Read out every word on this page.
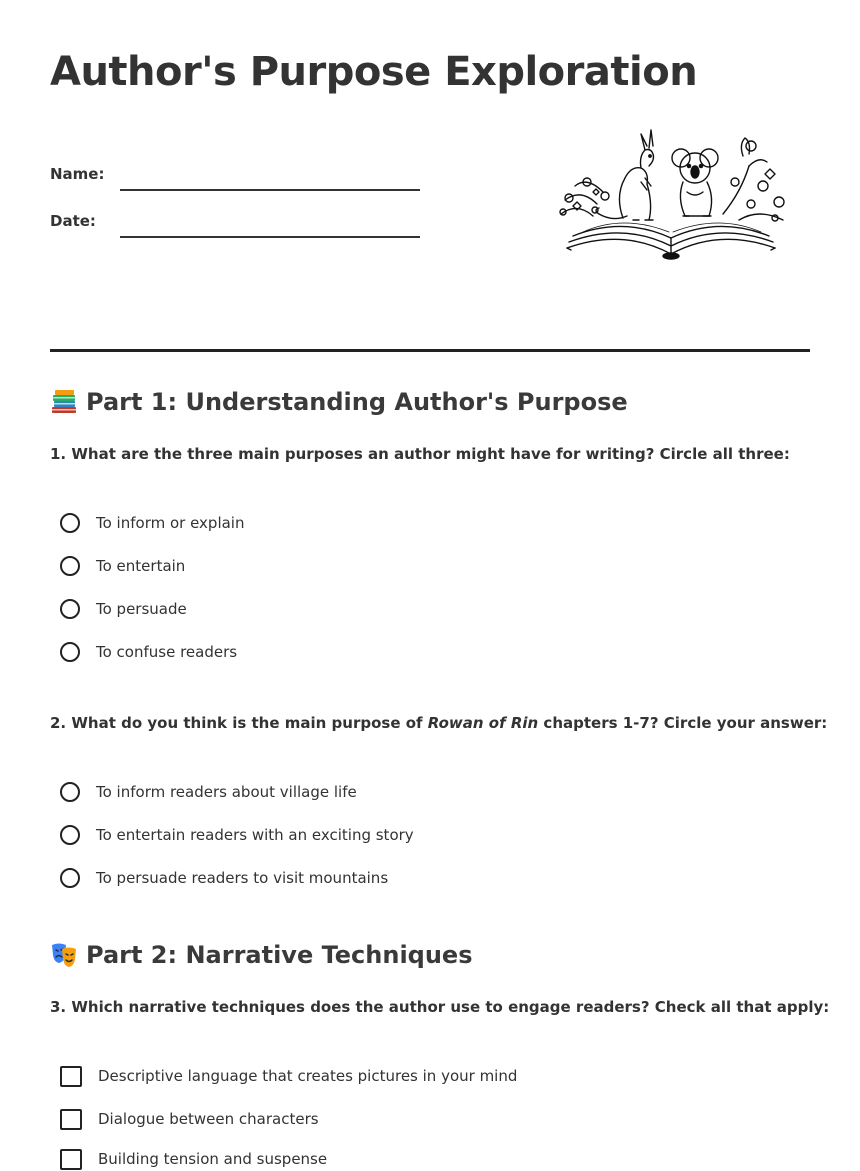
Author's Purpose Exploration
Name:
Date:
Part 1: Understanding Author's Purpose

1. What are the three main purposes an author might have for writing? Circle all three:

To inform or explain
To entertain
To persuade
To confuse readers

2. What do you think is the main purpose of Rowan of Rin chapters 1-7? Circle your answer:

To inform readers about village life
To entertain readers with an exciting story
To persuade readers to visit mountains
Part 2: Narrative Techniques

3. Which narrative techniques does the author use to engage readers? Check all that apply:

Descriptive language that creates pictures in your mind
Dialogue between characters
Building tension and suspense
